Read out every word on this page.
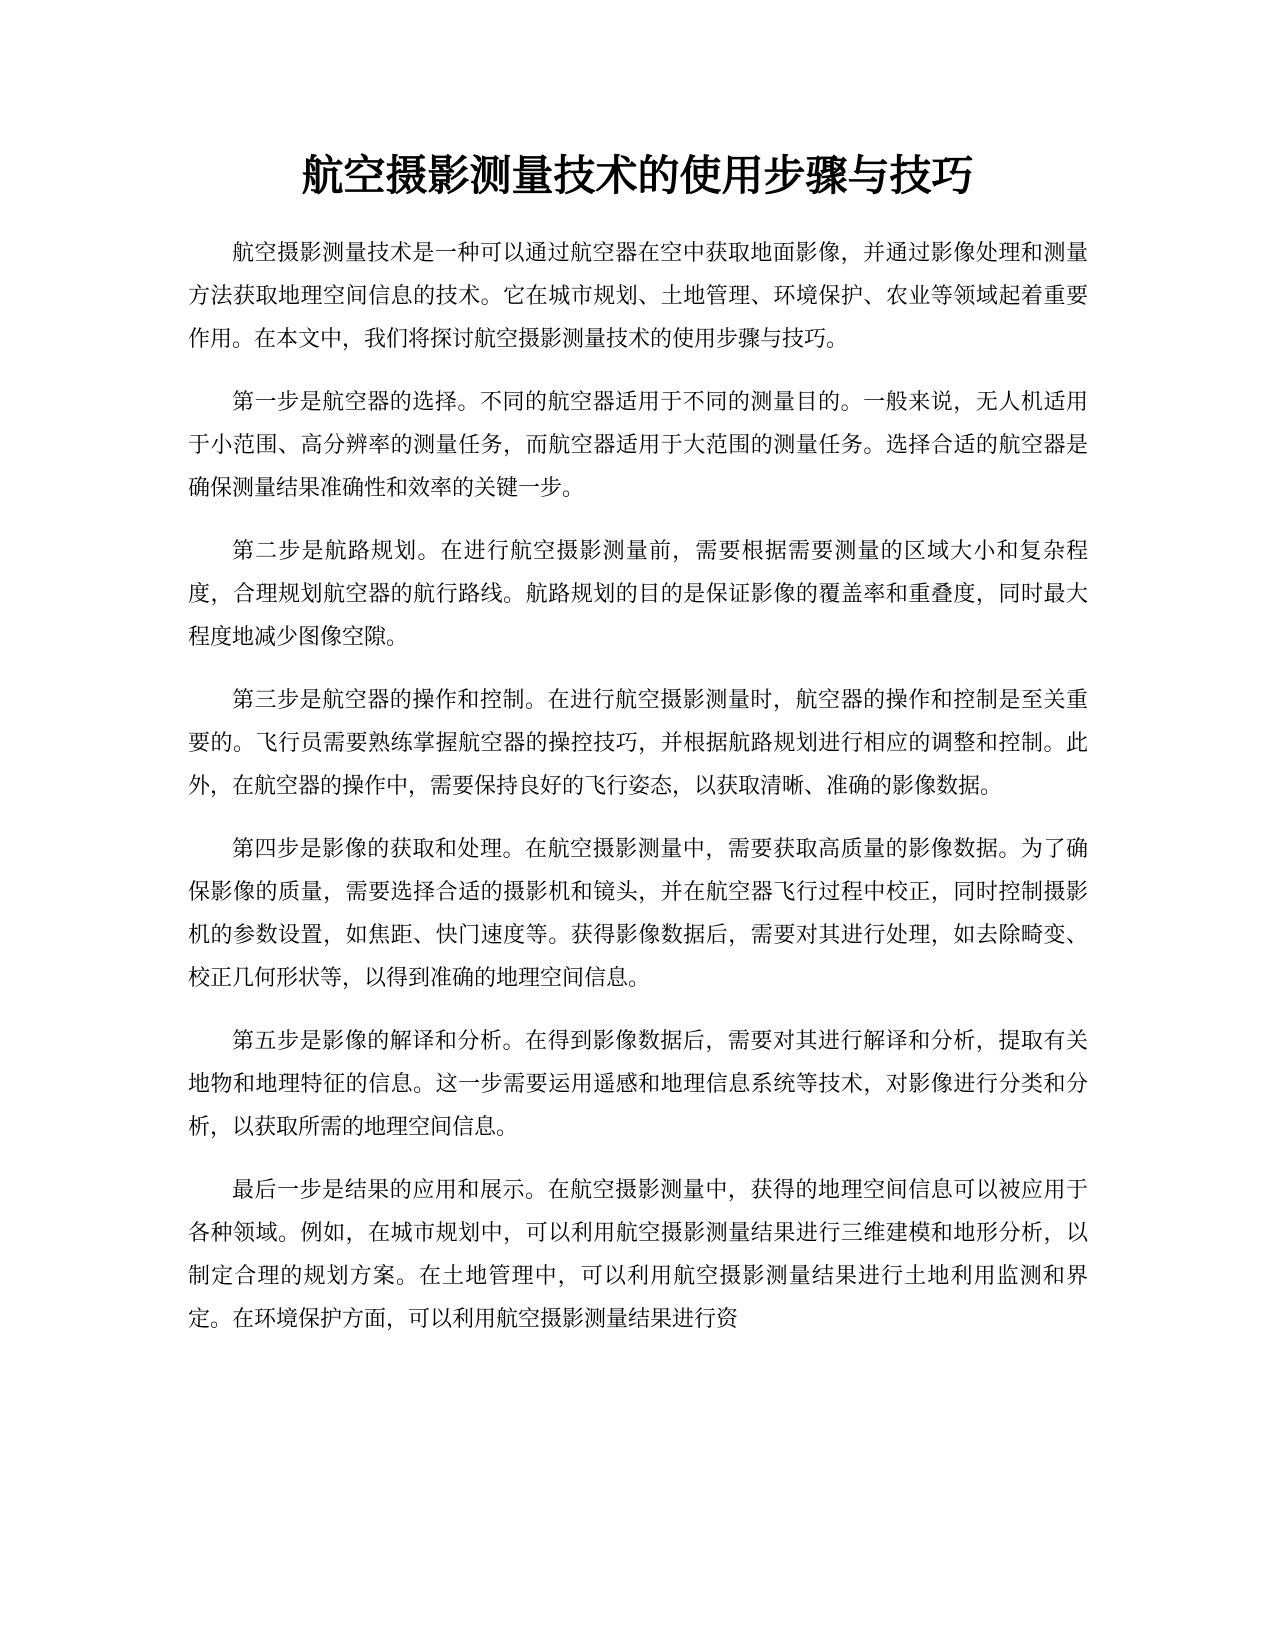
航空摄影测量技术的使用步骤与技巧

航空摄影测量技术是一种可以通过航空器在空中获取地面影像，并通过影像处理和测量方法获取地理空间信息的技术。它在城市规划、土地管理、环境保护、农业等领域起着重要作用。在本文中，我们将探讨航空摄影测量技术的使用步骤与技巧。

第一步是航空器的选择。不同的航空器适用于不同的测量目的。一般来说，无人机适用于小范围、高分辨率的测量任务，而航空器适用于大范围的测量任务。选择合适的航空器是确保测量结果准确性和效率的关键一步。

第二步是航路规划。在进行航空摄影测量前，需要根据需要测量的区域大小和复杂程度，合理规划航空器的航行路线。航路规划的目的是保证影像的覆盖率和重叠度，同时最大程度地减少图像空隙。

第三步是航空器的操作和控制。在进行航空摄影测量时，航空器的操作和控制是至关重要的。飞行员需要熟练掌握航空器的操控技巧，并根据航路规划进行相应的调整和控制。此外，在航空器的操作中，需要保持良好的飞行姿态，以获取清晰、准确的影像数据。

第四步是影像的获取和处理。在航空摄影测量中，需要获取高质量的影像数据。为了确保影像的质量，需要选择合适的摄影机和镜头，并在航空器飞行过程中校正，同时控制摄影机的参数设置，如焦距、快门速度等。获得影像数据后，需要对其进行处理，如去除畸变、校正几何形状等，以得到准确的地理空间信息。

第五步是影像的解译和分析。在得到影像数据后，需要对其进行解译和分析，提取有关地物和地理特征的信息。这一步需要运用遥感和地理信息系统等技术，对影像进行分类和分析，以获取所需的地理空间信息。

最后一步是结果的应用和展示。在航空摄影测量中，获得的地理空间信息可以被应用于各种领域。例如，在城市规划中，可以利用航空摄影测量结果进行三维建模和地形分析，以制定合理的规划方案。在土地管理中，可以利用航空摄影测量结果进行土地利用监测和界定。在环境保护方面，可以利用航空摄影测量结果进行资
